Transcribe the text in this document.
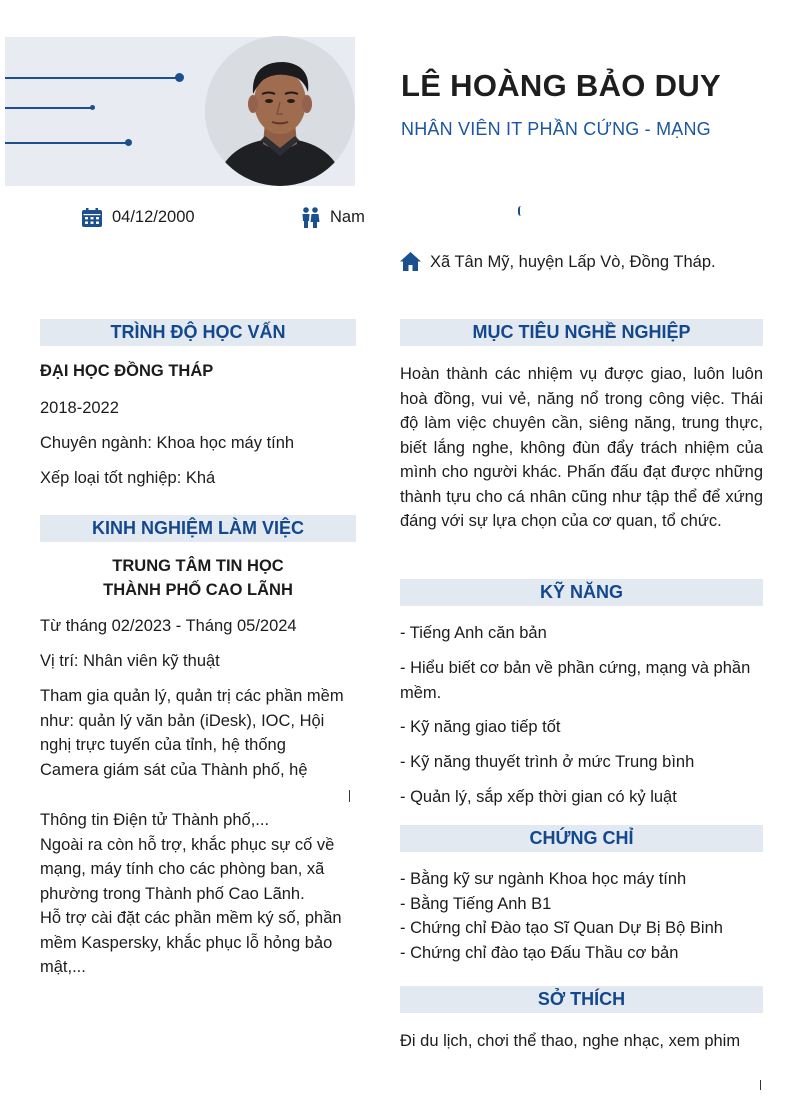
LÊ HOÀNG BẢO DUY
NHÂN VIÊN IT PHẦN CỨNG - MẠNG
04/12/2000	Nam
Xã Tân Mỹ, huyện Lấp Vò, Đồng Tháp.
TRÌNH ĐỘ HỌC VẤN
ĐẠI HỌC ĐỒNG THÁP
2018-2022
Chuyên ngành: Khoa học máy tính
Xếp loại tốt nghiệp: Khá
KINH NGHIỆM LÀM VIỆC
TRUNG TÂM TIN HỌC
THÀNH PHỐ CAO LÃNH
Từ tháng 02/2023 - Tháng 05/2024
Vị trí: Nhân viên kỹ thuật
Tham gia quản lý, quản trị các phần mềm
như: quản lý văn bản (iDesk), IOC, Hội
nghị trực tuyến của tỉnh, hệ thống
Camera giám sát của Thành phố, hệ
Thông tin Điện tử Thành phố,...
Ngoài ra còn hỗ trợ, khắc phục sự cố về
mạng, máy tính cho các phòng ban, xã
phường trong Thành phố Cao Lãnh.
Hỗ trợ cài đặt các phần mềm ký số, phần
mềm Kaspersky, khắc phục lỗ hỏng bảo
mật,...
MỤC TIÊU NGHỀ NGHIỆP
Hoàn thành các nhiệm vụ được giao, luôn luôn hoà đồng, vui vẻ, năng nổ trong công việc. Thái độ làm việc chuyên cần, siêng năng, trung thực, biết lắng nghe, không đùn đẩy trách nhiệm của mình cho người khác. Phấn đấu đạt được những thành tựu cho cá nhân cũng như tập thể để xứng đáng với sự lựa chọn của cơ quan, tổ chức.
KỸ NĂNG
- Tiếng Anh căn bản
- Hiểu biết cơ bản về phần cứng, mạng và phần mềm.
- Kỹ năng giao tiếp tốt
- Kỹ năng thuyết trình ở mức Trung bình
- Quản lý, sắp xếp thời gian có kỷ luật
CHỨNG CHỈ
- Bằng kỹ sư ngành Khoa học máy tính
- Bằng Tiếng Anh B1
- Chứng chỉ Đào tạo Sĩ Quan Dự Bị Bộ Binh
- Chứng chỉ đào tạo Đấu Thầu cơ bản
SỞ THÍCH
Đi du lịch, chơi thể thao, nghe nhạc, xem phim
